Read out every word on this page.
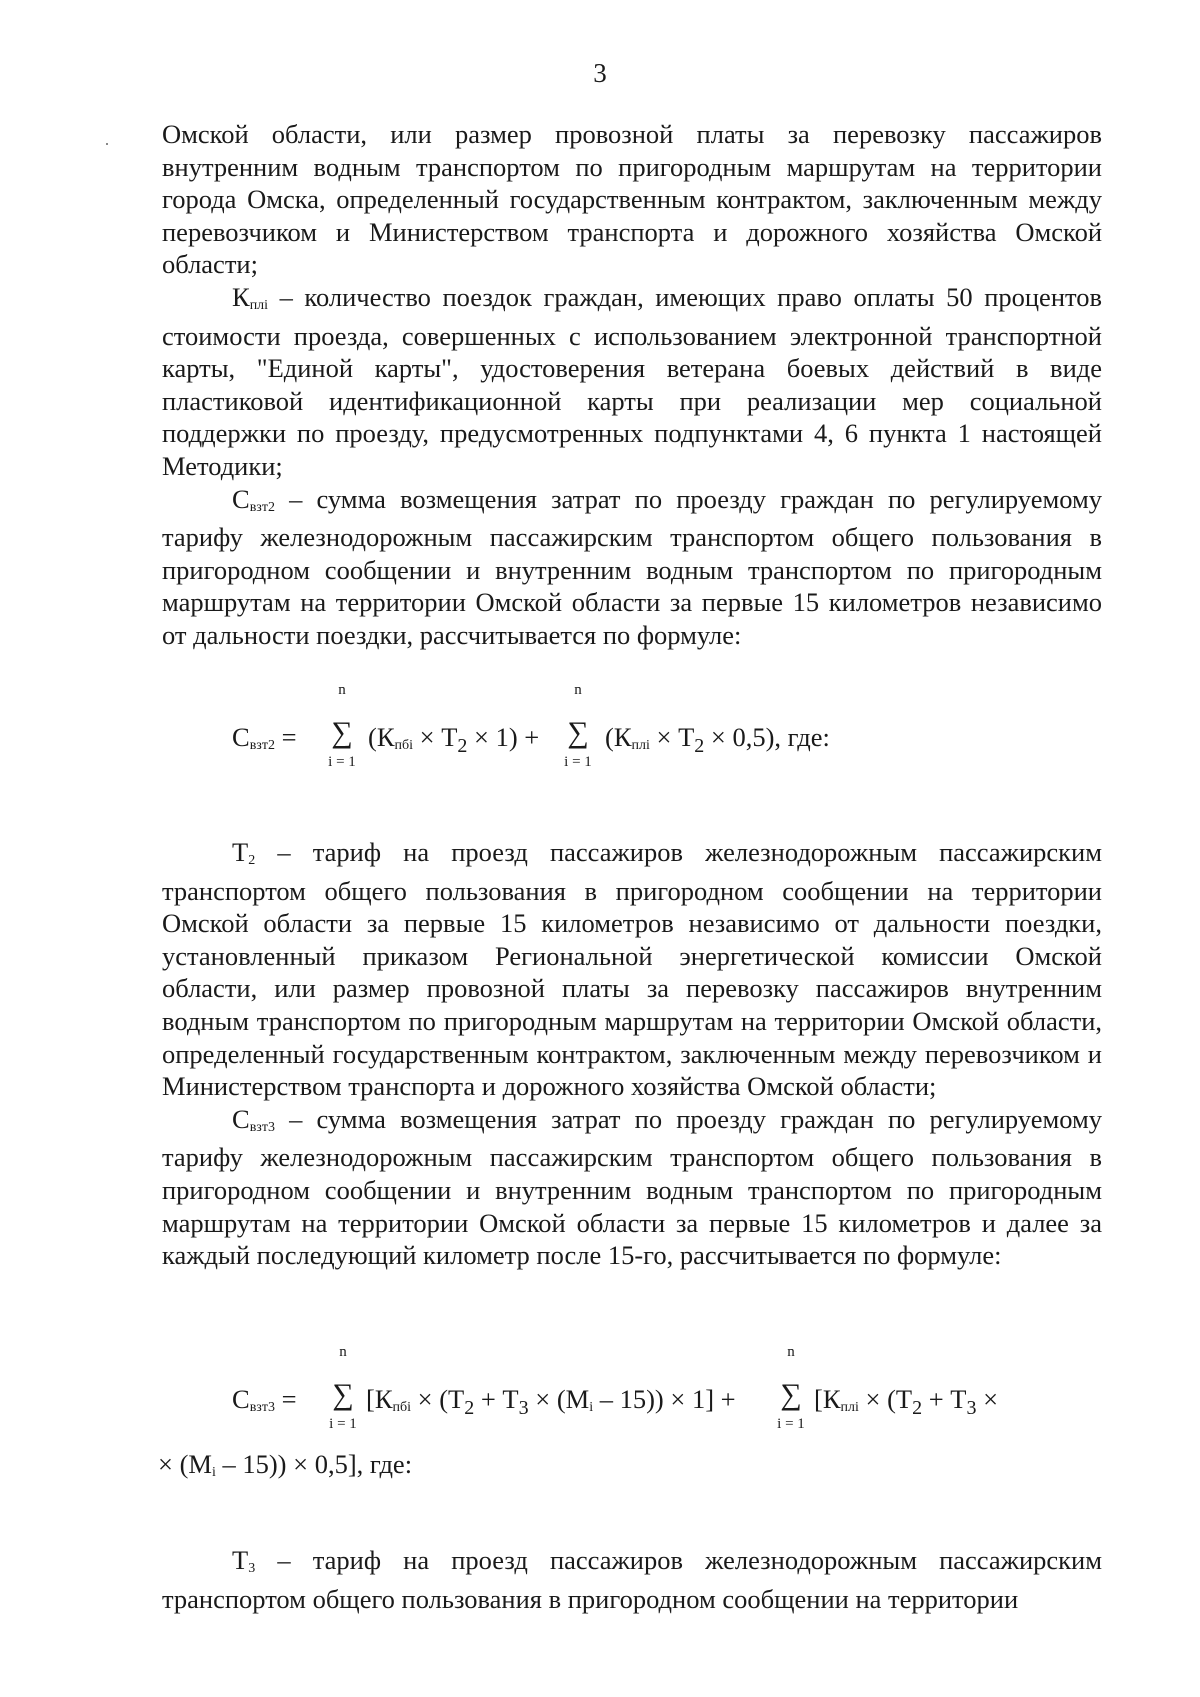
3

Омской области, или размер провозной платы за перевозку пассажиров внутренним водным транспортом по пригородным маршрутам на территории города Омска, определенный государственным контрактом, заключенным между перевозчиком и Министерством транспорта и дорожного хозяйства Омской области;

Кплі – количество поездок граждан, имеющих право оплаты 50 процентов стоимости проезда, совершенных с использованием электронной транспортной карты, "Единой карты", удостоверения ветерана боевых действий в виде пластиковой идентификационной карты при реализации мер социальной поддержки по проезду, предусмотренных подпунктами 4, 6 пункта 1 настоящей Методики;

Свзт2 – сумма возмещения затрат по проезду граждан по регулируемому тарифу железнодорожным пассажирским транспортом общего пользования в пригородном сообщении и внутренним водным транспортом по пригородным маршрутам на территории Омской области за первые 15 километров независимо от дальности поездки, рассчитывается по формуле:

Свзт2 =
n
∑
i = 1
(Кпбі × $Т_2 \times 1$) +
n
∑
i = 1
(Кплі × $Т_2 \times 0,5$), где:

Т2 – тариф на проезд пассажиров железнодорожным пассажирским транспортом общего пользования в пригородном сообщении на территории Омской области за первые 15 километров независимо от дальности поездки, установленный приказом Региональной энергетической комиссии Омской области, или размер провозной платы за перевозку пассажиров внутренним водным транспортом по пригородным маршрутам на территории Омской области, определенный государственным контрактом, заключенным между перевозчиком и Министерством транспорта и дорожного хозяйства Омской области;

Свзт3 – сумма возмещения затрат по проезду граждан по регулируемому тарифу железнодорожным пассажирским транспортом общего пользования в пригородном сообщении и внутренним водным транспортом по пригородным маршрутам на территории Омской области за первые 15 километров и далее за каждый последующий километр после 15-го, рассчитывается по формуле:

Свзт3 =
n
∑
i = 1
[Кпбі × $(Т_2 + Т_3 \times (Мi - 15)) \times 1$] +
n
∑
i = 1
[Кплі × ($Т_2 + Т_3$ ×
× (Мi – 15)) × 0,5], где:

Т3 – тариф на проезд пассажиров железнодорожным пассажирским транспортом общего пользования в пригородном сообщении на территории
